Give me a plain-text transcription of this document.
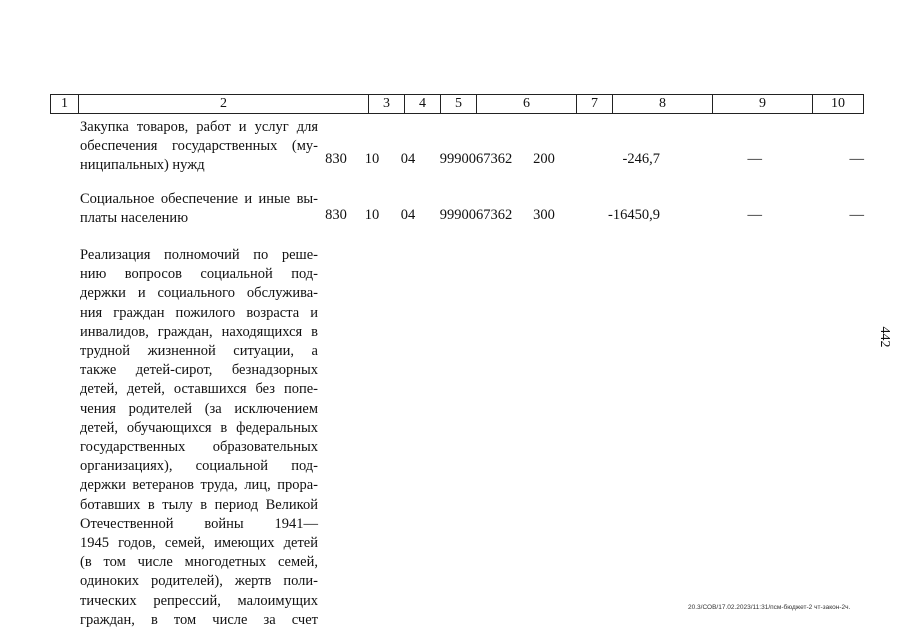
1	2	3	4	5	6	7	8	9	10
Закупка товаров, работ и услуг для
обеспечения государственных (му-
ниципальных) нужд	830	10	04	9990067362	200	-246,7	—	—
Социальное обеспечение и иные вы-
платы населению	830	10	04	9990067362	300	-16450,9	—	—
Реализация полномочий по реше-
нию вопросов социальной под-
держки и социального обслужива-
ния граждан пожилого возраста и
инвалидов, граждан, находящихся в
трудной жизненной ситуации, а
также детей-сирот, безнадзорных
детей, детей, оставшихся без попе-
чения родителей (за исключением
детей, обучающихся в федеральных
государственных образовательных
организациях), социальной под-
держки ветеранов труда, лиц, прора-
ботавших в тылу в период Великой
Отечественной войны 1941—
1945 годов, семей, имеющих детей
(в том числе многодетных семей,
одиноких родителей), жертв поли-
тических репрессий, малоимущих
граждан, в том числе за счет
442
20.3/СОВ/17.02.2023/11:31/псм-бюджет-2 чт-закон-2ч.
